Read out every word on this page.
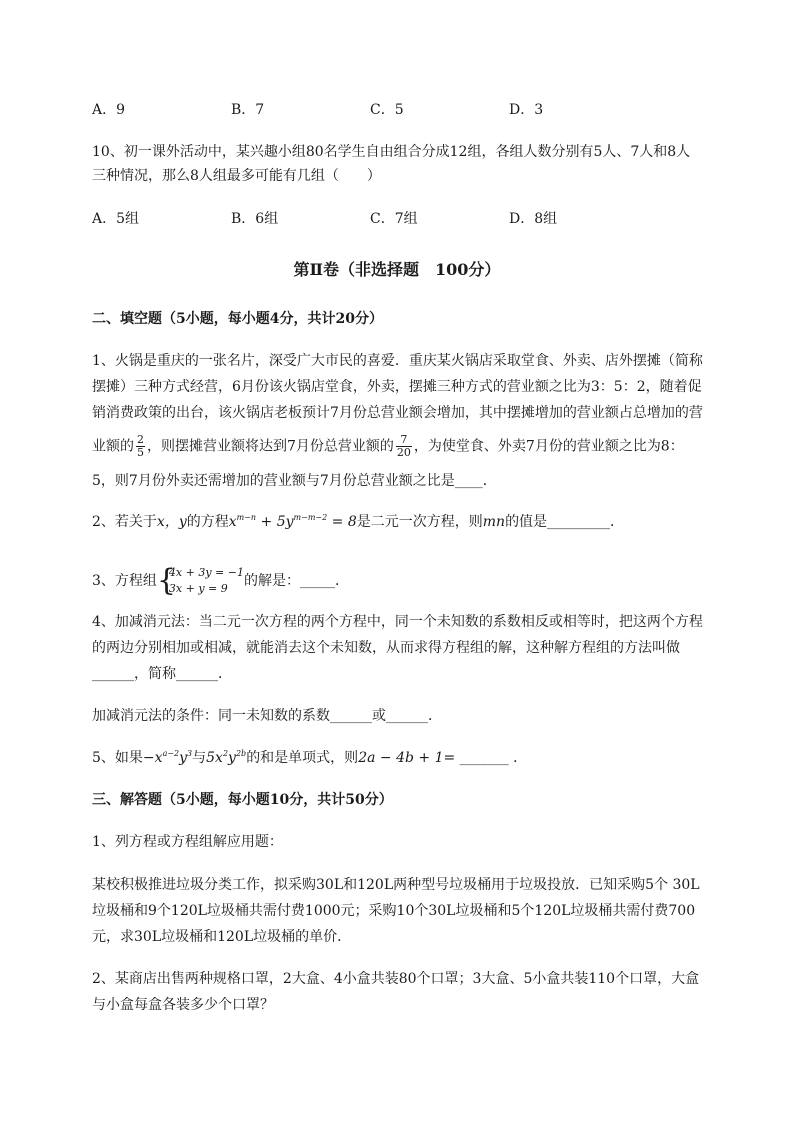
A．9	B．7	C．5	D．3
10、初一课外活动中，某兴趣小组80名学生自由组合分成12组，各组人数分别有5人、7人和8人
三种情况，那么8人组最多可能有几组（　　）
A．5组	B．6组	C．7组	D．8组
第Ⅱ卷（非选择题　100分）
二、填空题（5小题，每小题4分，共计20分）
1、火锅是重庆的一张名片，深受广大市民的喜爱．重庆某火锅店采取堂食、外卖、店外摆摊（简称
摆摊）三种方式经营，6月份该火锅店堂食，外卖，摆摊三种方式的营业额之比为3：5：2，随着促
销消费政策的出台，该火锅店老板预计7月份总营业额会增加，其中摆摊增加的营业额占总增加的营
业额的 $\frac{2}{5}$ ，则摆摊营业额将达到7月份总营业额的 $\frac{7}{20}$ ，为使堂食、外卖7月份的营业额之比为8：
5，则7月份外卖还需增加的营业额与7月份总营业额之比是____．
2、若关于x，y的方程$x^{m-n} + 5y^{m-m-2} = 8$是二元一次方程，则mn的值是_________．
3、方程组 {
4x + 3y = −1
3x + y = 9	的解是：_____．
4、加减消元法：当二元一次方程的两个方程中，同一个未知数的系数相反或相等时，把这两个方程
的两边分别相加或相减，就能消去这个未知数，从而求得方程组的解，这种解方程组的方法叫做
______，简称______．
加减消元法的条件：同一未知数的系数______或______．
5、如果$-x^{a-2}y^3$与$5x^2y^{2b}$的和是单项式，则2a − 4b + 1= _______ ．
三、解答题（5小题，每小题10分，共计50分）
1、列方程或方程组解应用题：
某校积极推进垃圾分类工作，拟采购30L和120L两种型号垃圾桶用于垃圾投放．已知采购5个 30L
垃圾桶和9个120L垃圾桶共需付费1000元；采购10个30L垃圾桶和5个120L垃圾桶共需付费700
元，求30L垃圾桶和120L垃圾桶的单价．
2、某商店出售两种规格口罩，2大盒、4小盒共装80个口罩；3大盒、5小盒共装110个口罩，大盒
与小盒每盒各装多少个口罩？
